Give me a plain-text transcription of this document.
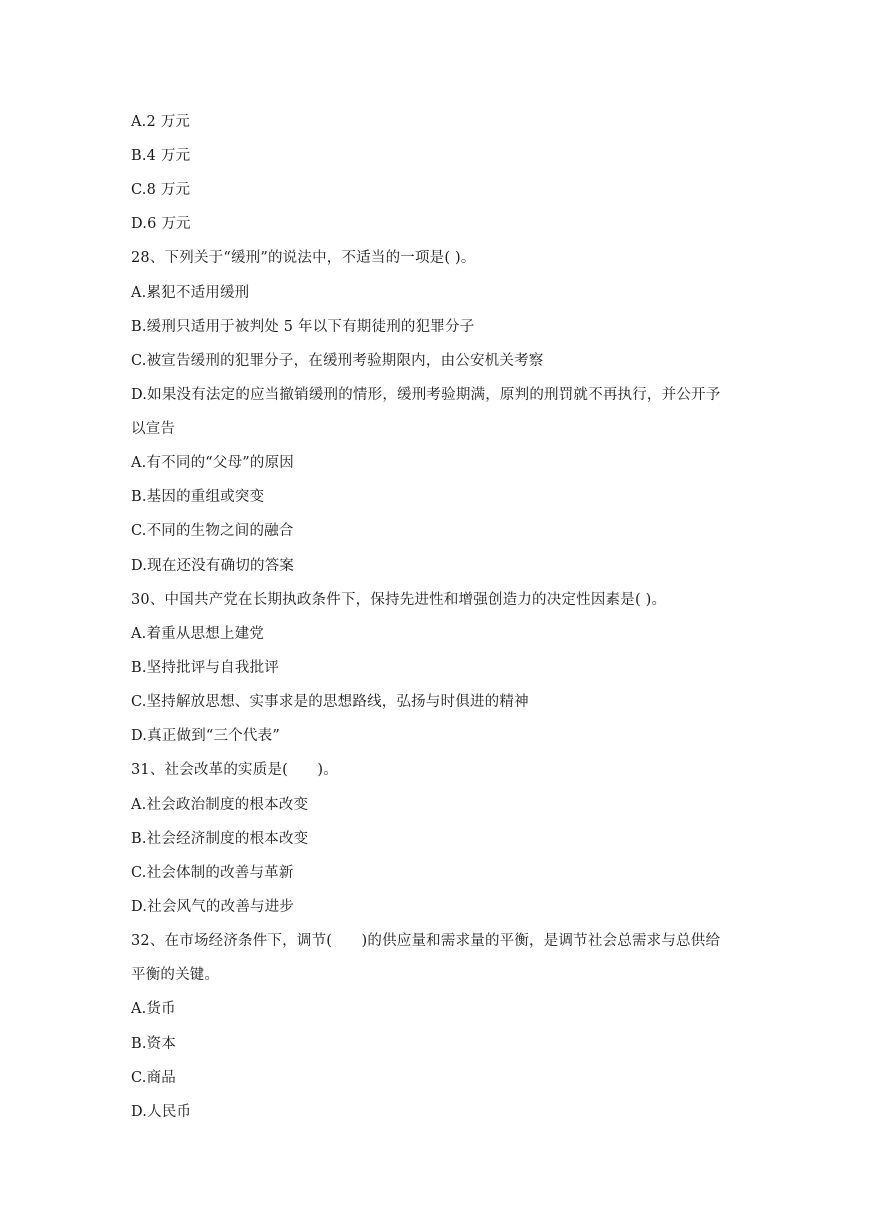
A.2 万元
B.4 万元
C.8 万元
D.6 万元
28、下列关于“缓刑”的说法中，不适当的一项是( )。
A.累犯不适用缓刑
B.缓刑只适用于被判处 5 年以下有期徒刑的犯罪分子
C.被宣告缓刑的犯罪分子，在缓刑考验期限内，由公安机关考察
D.如果没有法定的应当撤销缓刑的情形，缓刑考验期满，原判的刑罚就不再执行，并公开予
以宣告
A.有不同的“父母”的原因
B.基因的重组或突变
C.不同的生物之间的融合
D.现在还没有确切的答案
30、中国共产党在长期执政条件下，保持先进性和增强创造力的决定性因素是( )。
A.着重从思想上建党
B.坚持批评与自我批评
C.坚持解放思想、实事求是的思想路线，弘扬与时俱进的精神
D.真正做到“三个代表”
31、社会改革的实质是(　　)。
A.社会政治制度的根本改变
B.社会经济制度的根本改变
C.社会体制的改善与革新
D.社会风气的改善与进步
32、在市场经济条件下，调节(　　)的供应量和需求量的平衡，是调节社会总需求与总供给
平衡的关键。
A.货币
B.资本
C.商品
D.人民币
